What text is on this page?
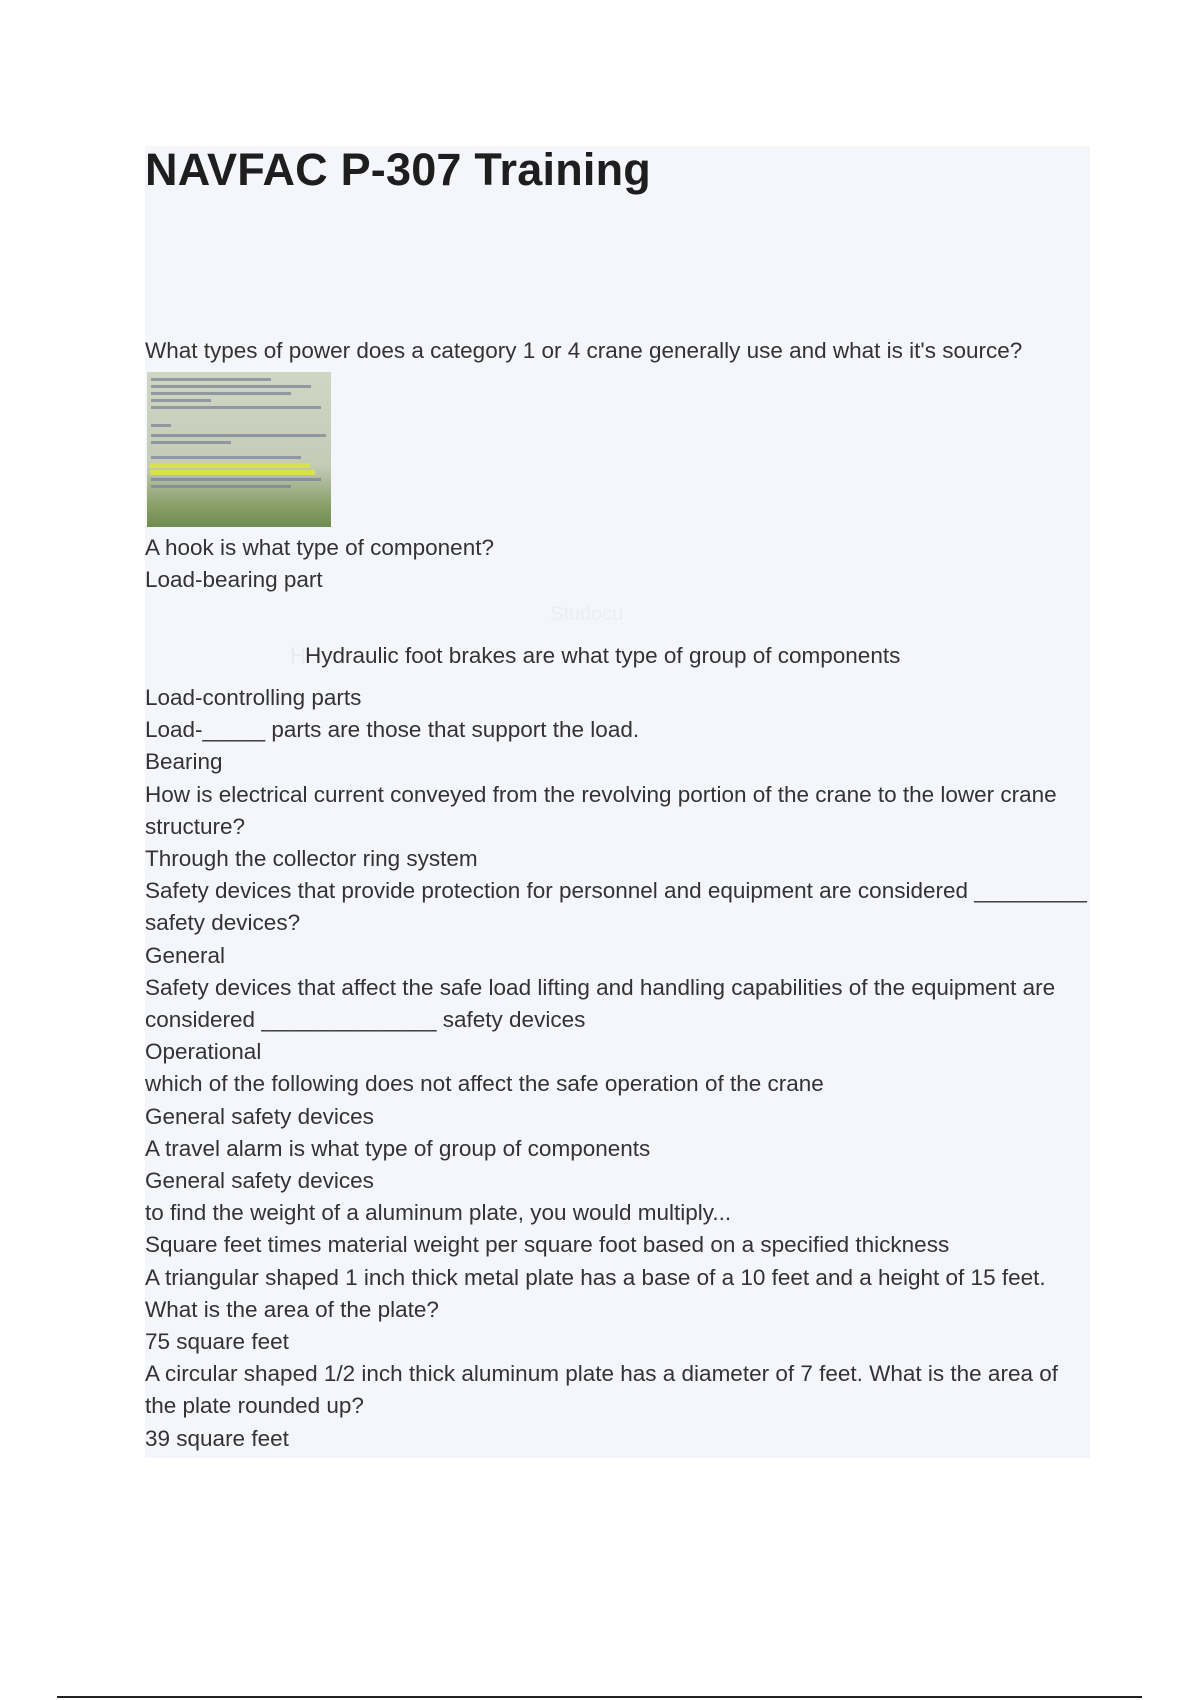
NAVFAC P-307 Training

What types of power does a category 1 or 4 crane generally use and what is it's source?

A hook is what type of component?

Load-bearing part

Studocu
H

Hydraulic foot brakes are what type of group of components

Load-controlling parts
Load-_____ parts are those that support the load.
Bearing
How is electrical current conveyed from the revolving portion of the crane to the lower crane structure?
Through the collector ring system
Safety devices that provide protection for personnel and equipment are considered _________ safety devices?
General
Safety devices that affect the safe load lifting and handling capabilities of the equipment are considered ______________ safety devices
Operational
which of the following does not affect the safe operation of the crane
General safety devices
A travel alarm is what type of group of components
General safety devices
to find the weight of a aluminum plate, you would multiply...
Square feet times material weight per square foot based on a specified thickness
A triangular shaped 1 inch thick metal plate has a base of a 10 feet and a height of 15 feet. What is the area of the plate?
75 square feet
A circular shaped 1/2 inch thick aluminum plate has a diameter of 7 feet. What is the area of the plate rounded up?
39 square feet
